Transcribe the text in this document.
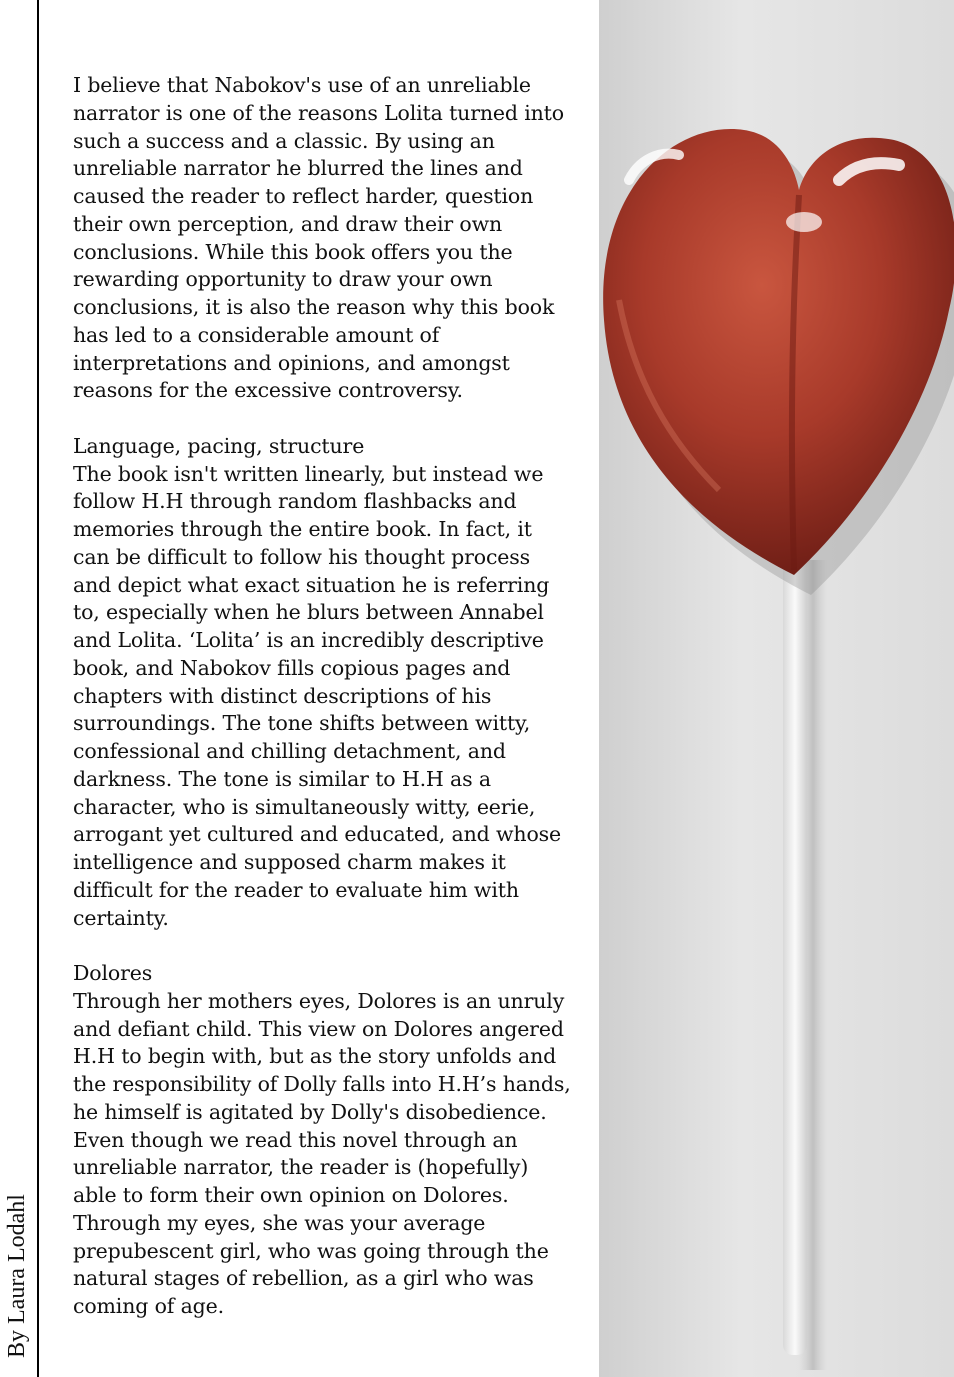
By Laura Lodahl

I believe that Nabokov's use of an unreliable
narrator is one of the reasons Lolita turned into
such a success and a classic. By using an
unreliable narrator he blurred the lines and
caused the reader to reflect harder, question
their own perception, and draw their own
conclusions. While this book offers you the
rewarding opportunity to draw your own
conclusions, it is also the reason why this book
has led to a considerable amount of
interpretations and opinions, and amongst
reasons for the excessive controversy.

Language, pacing, structure

The book isn't written linearly, but instead we
follow H.H through random flashbacks and
memories through the entire book. In fact, it
can be difficult to follow his thought process
and depict what exact situation he is referring
to, especially when he blurs between Annabel
and Lolita. ‘Lolita’ is an incredibly descriptive
book, and Nabokov fills copious pages and
chapters with distinct descriptions of his
surroundings. The tone shifts between witty,
confessional and chilling detachment, and
darkness. The tone is similar to H.H as a
character, who is simultaneously witty, eerie,
arrogant yet cultured and educated, and whose
intelligence and supposed charm makes it
difficult for the reader to evaluate him with
certainty.

Dolores

Through her mothers eyes, Dolores is an unruly
and defiant child. This view on Dolores angered
H.H to begin with, but as the story unfolds and
the responsibility of Dolly falls into H.H’s hands,
he himself is agitated by Dolly's disobedience.
Even though we read this novel through an
unreliable narrator, the reader is (hopefully)
able to form their own opinion on Dolores.
Through my eyes, she was your average
prepubescent girl, who was going through the
natural stages of rebellion, as a girl who was
coming of age.
